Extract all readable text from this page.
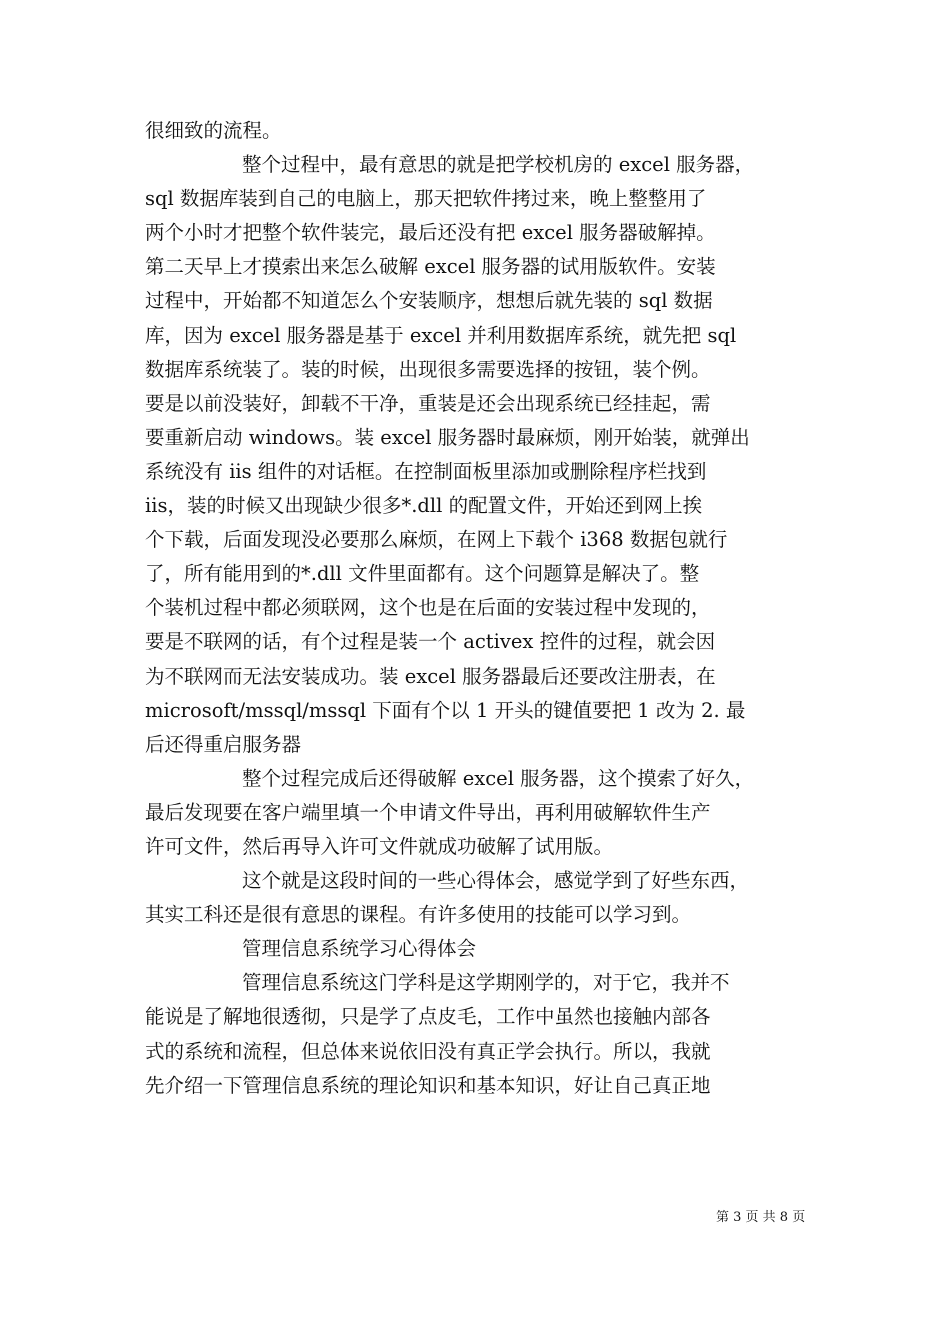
很细致的流程。
整个过程中，最有意思的就是把学校机房的 excel 服务器，
sql 数据库装到自己的电脑上，那天把软件拷过来，晚上整整用了
两个小时才把整个软件装完，最后还没有把 excel 服务器破解掉。
第二天早上才摸索出来怎么破解 excel 服务器的试用版软件。安装
过程中，开始都不知道怎么个安装顺序，想想后就先装的 sql 数据
库，因为 excel 服务器是基于 excel 并利用数据库系统，就先把 sql
数据库系统装了。装的时候，出现很多需要选择的按钮，装个例。
要是以前没装好，卸载不干净，重装是还会出现系统已经挂起，需
要重新启动 windows。装 excel 服务器时最麻烦，刚开始装，就弹出
系统没有 iis 组件的对话框。在控制面板里添加或删除程序栏找到
iis，装的时候又出现缺少很多*.dll 的配置文件，开始还到网上挨
个下载，后面发现没必要那么麻烦，在网上下载个 i368 数据包就行
了，所有能用到的*.dll 文件里面都有。这个问题算是解决了。整
个装机过程中都必须联网，这个也是在后面的安装过程中发现的，
要是不联网的话，有个过程是装一个 activex 控件的过程，就会因
为不联网而无法安装成功。装 excel 服务器最后还要改注册表，在
microsoft/mssql/mssql 下面有个以 1 开头的键值要把 1 改为 2. 最
后还得重启服务器
整个过程完成后还得破解 excel 服务器，这个摸索了好久，
最后发现要在客户端里填一个申请文件导出，再利用破解软件生产
许可文件，然后再导入许可文件就成功破解了试用版。
这个就是这段时间的一些心得体会，感觉学到了好些东西，
其实工科还是很有意思的课程。有许多使用的技能可以学习到。
管理信息系统学习心得体会
管理信息系统这门学科是这学期刚学的，对于它，我并不
能说是了解地很透彻，只是学了点皮毛，工作中虽然也接触内部各
式的系统和流程，但总体来说依旧没有真正学会执行。所以，我就
先介绍一下管理信息系统的理论知识和基本知识，好让自己真正地
第 3 页 共 8 页
